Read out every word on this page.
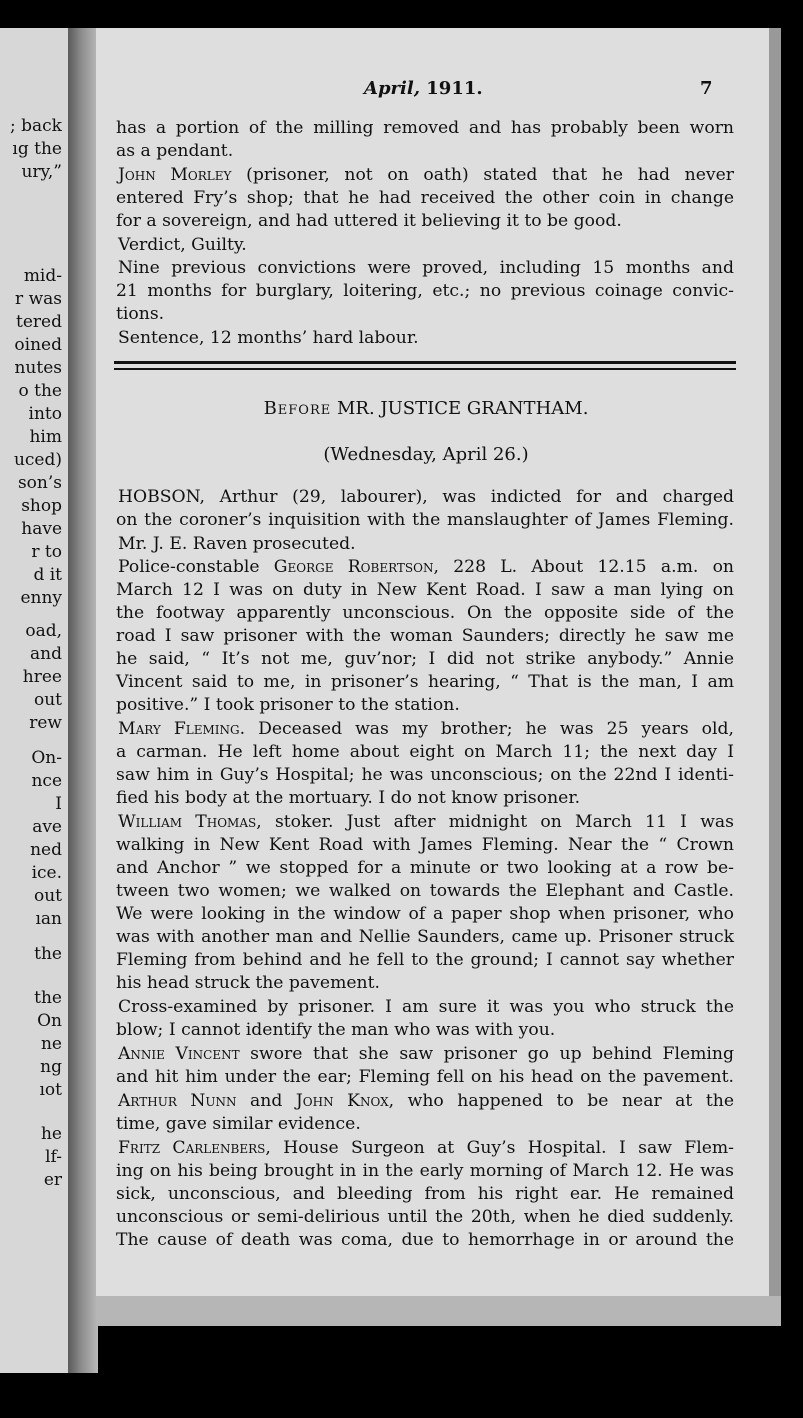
; back
ıg the
ury,”
mid-
r was
tered
oined
nutes
o the
into
him
uced)
son’s
shop
have
r to
d it
enny
oad,
and
hree
out
rew
On-
nce
I
ave
ned
ice.
out
ıan
the
the
On
ne
ng
ıot
he
lf-
er
April, 1911.	7
has a portion of the milling removed and has probably been worn
as a pendant.
John Morley (prisoner, not on oath) stated that he had never
entered Fry’s shop; that he had received the other coin in change
for a sovereign, and had uttered it believing it to be good.
Verdict, Guilty.
Nine previous convictions were proved, including 15 months and
21 months for burglary, loitering, etc.; no previous coinage convic-
tions.
Sentence, 12 months’ hard labour.
Before MR. JUSTICE GRANTHAM.
(Wednesday, April 26.)
HOBSON, Arthur (29, labourer), was indicted for and charged
on the coroner’s inquisition with the manslaughter of James Fleming.
Mr. J. E. Raven prosecuted.
Police-constable George Robertson, 228 L. About 12.15 a.m. on
March 12 I was on duty in New Kent Road. I saw a man lying on
the footway apparently unconscious. On the opposite side of the
road I saw prisoner with the woman Saunders; directly he saw me
he said, “ It’s not me, guv’nor; I did not strike anybody.” Annie
Vincent said to me, in prisoner’s hearing, “ That is the man, I am
positive.” I took prisoner to the station.
Mary Fleming. Deceased was my brother; he was 25 years old,
a carman. He left home about eight on March 11; the next day I
saw him in Guy’s Hospital; he was unconscious; on the 22nd I identi-
fied his body at the mortuary. I do not know prisoner.
William Thomas, stoker. Just after midnight on March 11 I was
walking in New Kent Road with James Fleming. Near the “ Crown
and Anchor ” we stopped for a minute or two looking at a row be-
tween two women; we walked on towards the Elephant and Castle.
We were looking in the window of a paper shop when prisoner, who
was with another man and Nellie Saunders, came up. Prisoner struck
Fleming from behind and he fell to the ground; I cannot say whether
his head struck the pavement.
Cross-examined by prisoner. I am sure it was you who struck the
blow; I cannot identify the man who was with you.
Annie Vincent swore that she saw prisoner go up behind Fleming
and hit him under the ear; Fleming fell on his head on the pavement.
Arthur Nunn and John Knox, who happened to be near at the
time, gave similar evidence.
Fritz Carlenbers, House Surgeon at Guy’s Hospital. I saw Flem-
ing on his being brought in in the early morning of March 12. He was
sick, unconscious, and bleeding from his right ear. He remained
unconscious or semi-delirious until the 20th, when he died suddenly.
The cause of death was coma, due to hemorrhage in or around the
